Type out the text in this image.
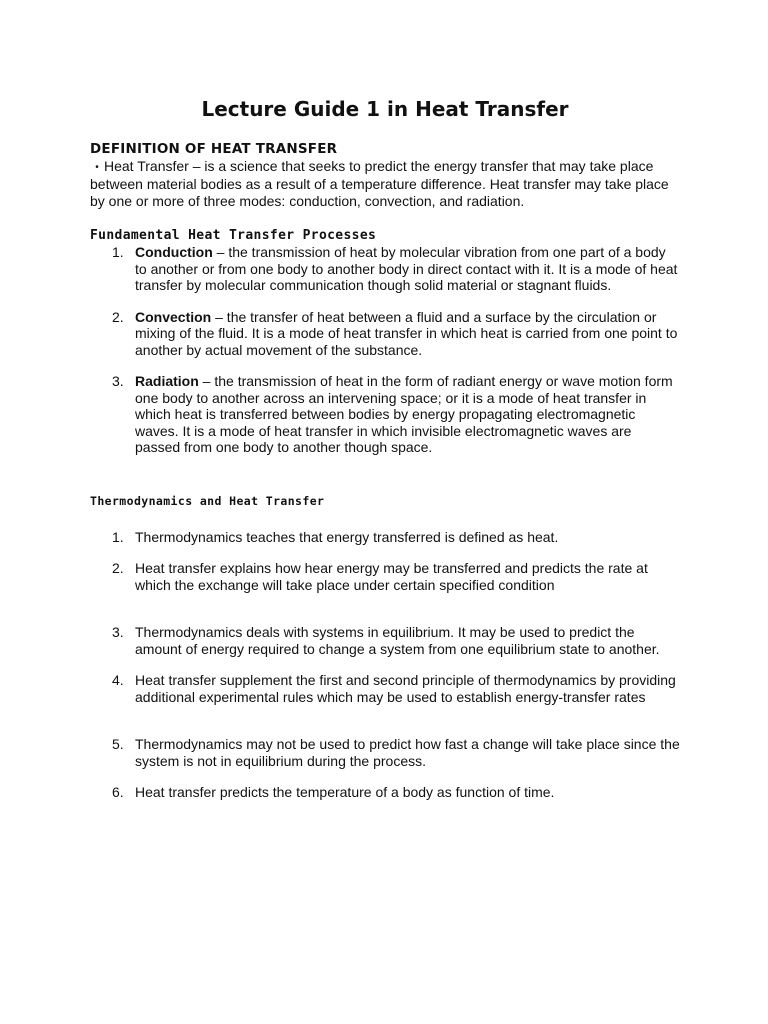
Lecture Guide 1 in Heat Transfer
DEFINITION OF HEAT TRANSFER

• Heat Transfer – is a science that seeks to predict the energy transfer that may take place between material bodies as a result of a temperature difference. Heat transfer may take place by one or more of three modes: conduction, convection, and radiation.

Fundamental Heat Transfer Processes
1. Conduction – the transmission of heat by molecular vibration from one part of a body to another or from one body to another body in direct contact with it. It is a mode of heat transfer by molecular communication though solid material or stagnant fluids.
2. Convection – the transfer of heat between a fluid and a surface by the circulation or mixing of the fluid. It is a mode of heat transfer in which heat is carried from one point to another by actual movement of the substance.
3. Radiation – the transmission of heat in the form of radiant energy or wave motion form one body to another across an intervening space; or it is a mode of heat transfer in which heat is transferred between bodies by energy propagating electromagnetic waves. It is a mode of heat transfer in which invisible electromagnetic waves are passed from one body to another though space.
Thermodynamics and Heat Transfer
1. Thermodynamics teaches that energy transferred is defined as heat.
2. Heat transfer explains how hear energy may be transferred and predicts the rate at which the exchange will take place under certain specified condition
3. Thermodynamics deals with systems in equilibrium. It may be used to predict the amount of energy required to change a system from one equilibrium state to another.
4. Heat transfer supplement the first and second principle of thermodynamics by providing additional experimental rules which may be used to establish energy-transfer rates
5. Thermodynamics may not be used to predict how fast a change will take place since the system is not in equilibrium during the process.
6. Heat transfer predicts the temperature of a body as function of time.
